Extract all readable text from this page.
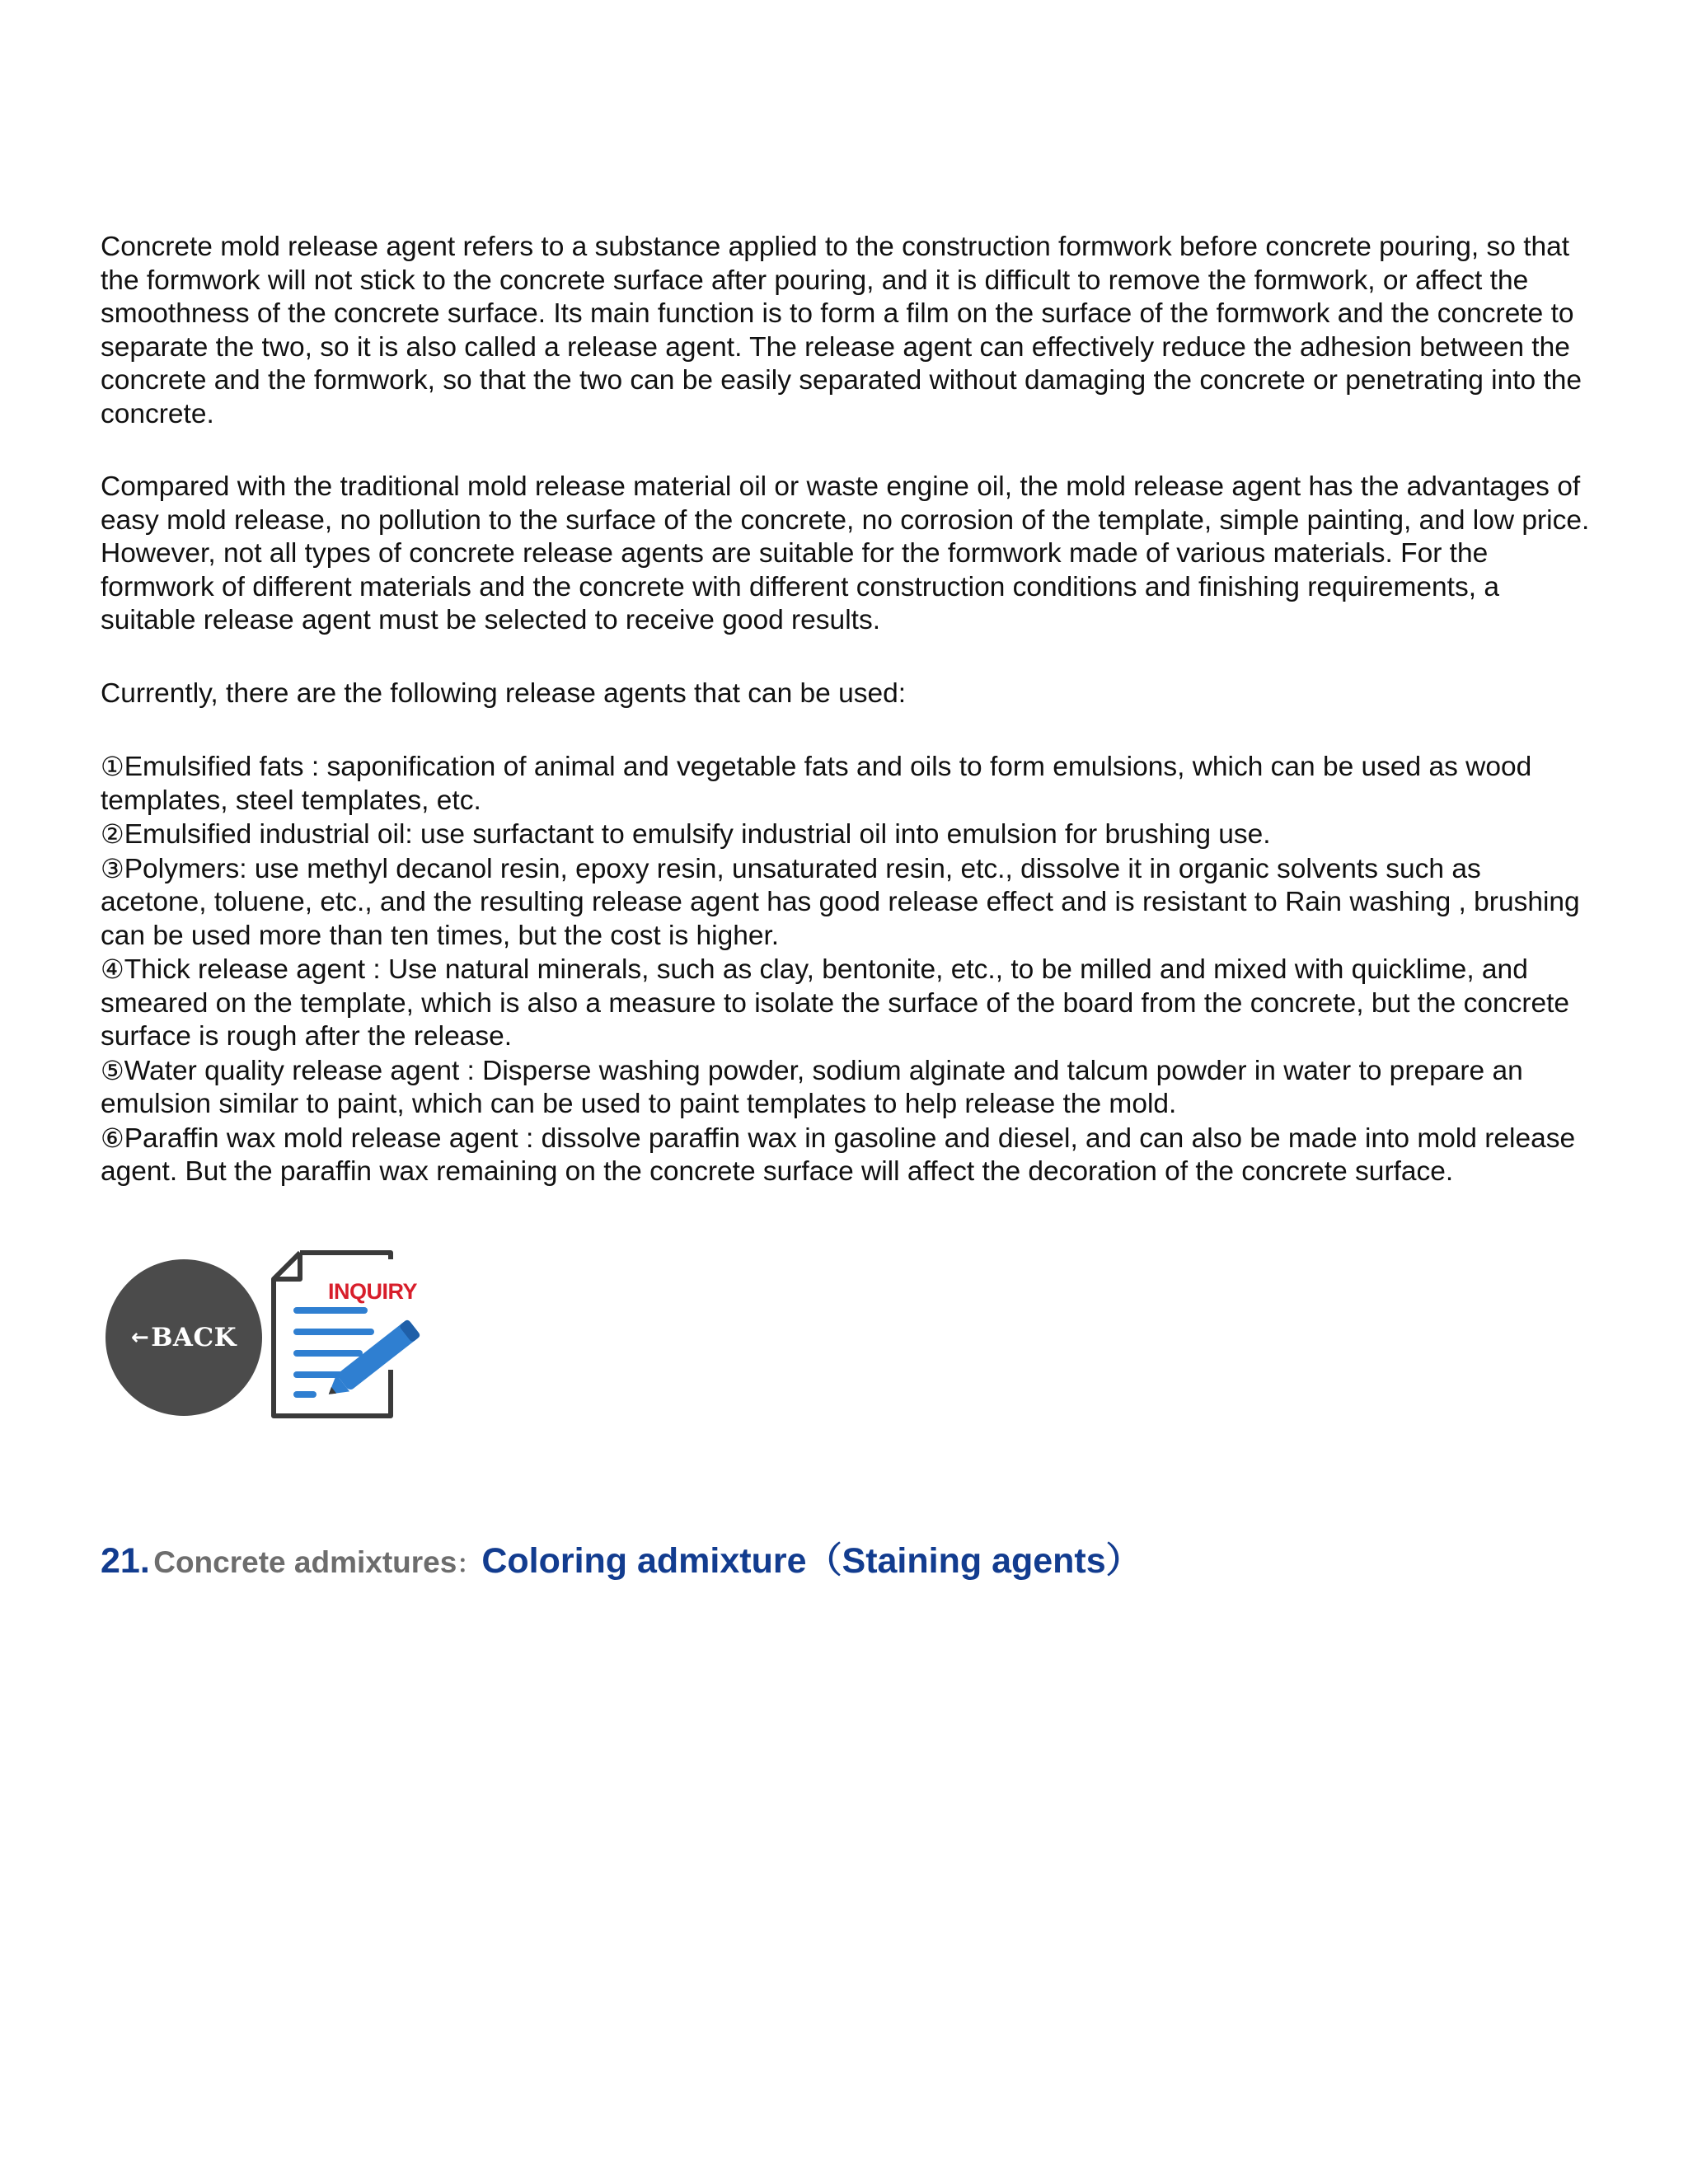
Concrete mold release agent refers to a substance applied to the construction formwork before concrete pouring, so that the formwork will not stick to the concrete surface after pouring, and it is difficult to remove the formwork, or affect the smoothness of the concrete surface. Its main function is to form a film on the surface of the formwork and the concrete to separate the two, so it is also called a release agent. The release agent can effectively reduce the adhesion between the concrete and the formwork, so that the two can be easily separated without damaging the concrete or penetrating into the concrete.

Compared with the traditional mold release material oil or waste engine oil, the mold release agent has the advantages of easy mold release, no pollution to the surface of the concrete, no corrosion of the template, simple painting, and low price. However, not all types of concrete release agents are suitable for the formwork made of various materials. For the formwork of different materials and the concrete with different construction conditions and finishing requirements, a suitable release agent must be selected to receive good results.

Currently, there are the following release agents that can be used:

①Emulsified fats : saponification of animal and vegetable fats and oils to form emulsions, which can be used as wood templates, steel templates, etc.

②Emulsified industrial oil: use surfactant to emulsify industrial oil into emulsion for brushing use.

③Polymers: use methyl decanol resin, epoxy resin, unsaturated resin, etc., dissolve it in organic solvents such as acetone, toluene, etc., and the resulting release agent has good release effect and is resistant to Rain washing , brushing can be used more than ten times, but the cost is higher.

④Thick release agent : Use natural minerals, such as clay, bentonite, etc., to be milled and mixed with quicklime, and smeared on the template, which is also a measure to isolate the surface of the board from the concrete, but the concrete surface is rough after the release.

⑤Water quality release agent : Disperse washing powder, sodium alginate and talcum powder in water to prepare an emulsion similar to paint, which can be used to paint templates to help release the mold.

⑥Paraffin wax mold release agent : dissolve paraffin wax in gasoline and diesel, and can also be made into mold release agent. But the paraffin wax remaining on the concrete surface will affect the decoration of the concrete surface.

← BACK
INQUIRY
21. Concrete admixtures：Coloring admixture（Staining agents）
